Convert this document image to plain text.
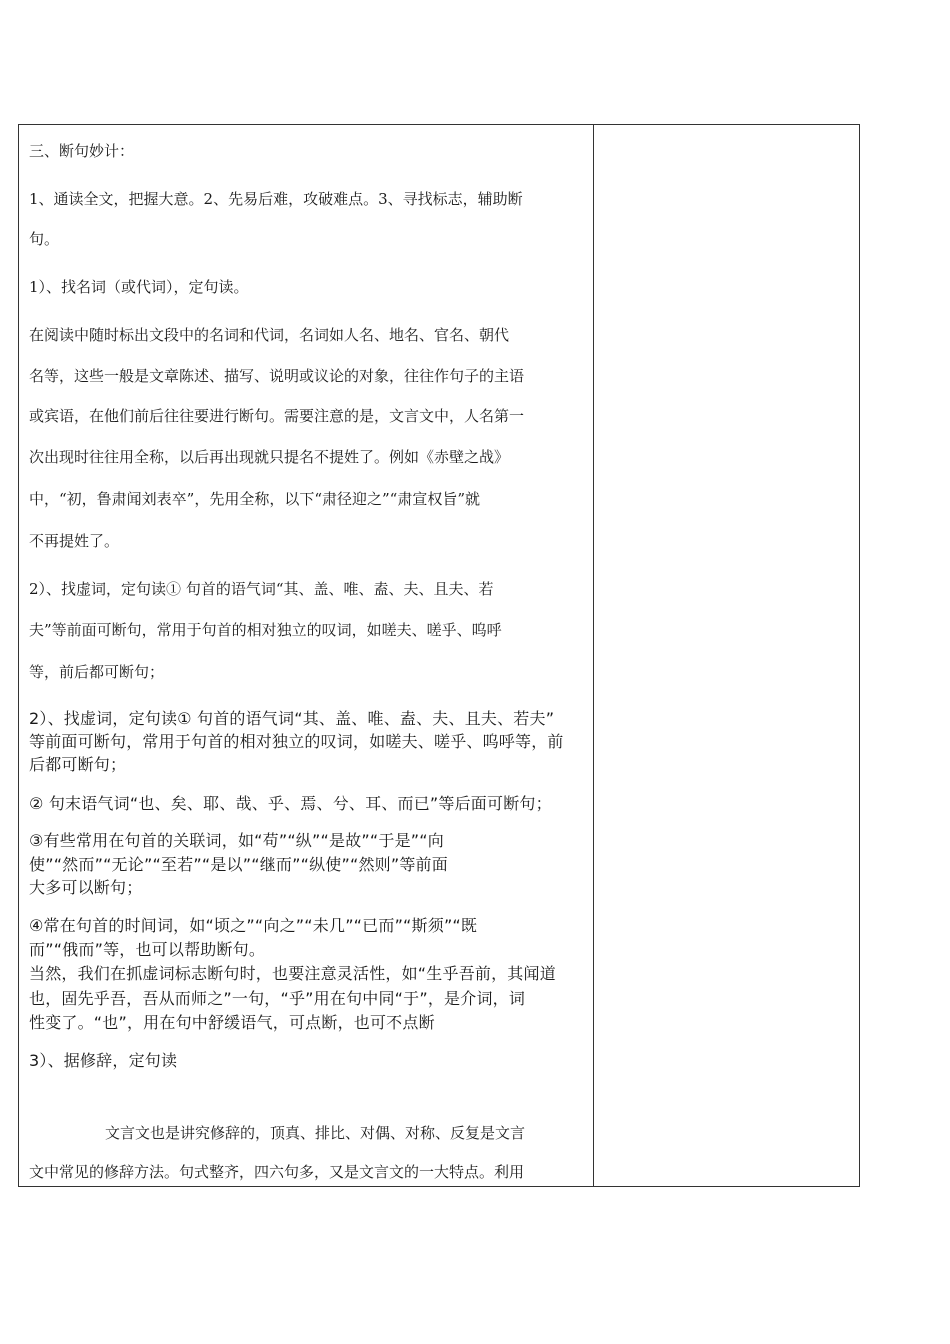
三、断句妙计：
1、通读全文，把握大意。2、先易后难，攻破难点。3、寻找标志，辅助断
句。
1）、找名词（或代词），定句读。
在阅读中随时标出文段中的名词和代词，名词如人名、地名、官名、朝代
名等，这些一般是文章陈述、描写、说明或议论的对象，往往作句子的主语
或宾语，在他们前后往往要进行断句。需要注意的是，文言文中，人名第一
次出现时往往用全称，以后再出现就只提名不提姓了。例如《赤壁之战》
中，“初，鲁肃闻刘表卒”，先用全称，以下“肃径迎之”“肃宣权旨”就
不再提姓了。
2）、找虚词，定句读① 句首的语气词“其、盖、唯、盍、夫、且夫、若
夫”等前面可断句，常用于句首的相对独立的叹词，如嗟夫、嗟乎、呜呼
等，前后都可断句；
2）、找虚词，定句读① 句首的语气词“其、盖、唯、盍、夫、且夫、若夫”
等前面可断句，常用于句首的相对独立的叹词，如嗟夫、嗟乎、呜呼等，前
后都可断句；
② 句末语气词“也、矣、耶、哉、乎、焉、兮、耳、而已”等后面可断句；
③有些常用在句首的关联词，如“苟”“纵”“是故”“于是”“向
使”“然而”“无论”“至若”“是以”“继而”“纵使”“然则”等前面
大多可以断句；
④常在句首的时间词，如“顷之”“向之”“未几”“已而”“斯须”“既
而”“俄而”等，也可以帮助断句。
当然，我们在抓虚词标志断句时，也要注意灵活性，如“生乎吾前，其闻道
也，固先乎吾，吾从而师之”一句，“乎”用在句中同“于”，是介词，词
性变了。“也”，用在句中舒缓语气，可点断，也可不点断
3）、据修辞，定句读
文言文也是讲究修辞的，顶真、排比、对偶、对称、反复是文言
文中常见的修辞方法。句式整齐，四六句多，又是文言文的一大特点。利用
